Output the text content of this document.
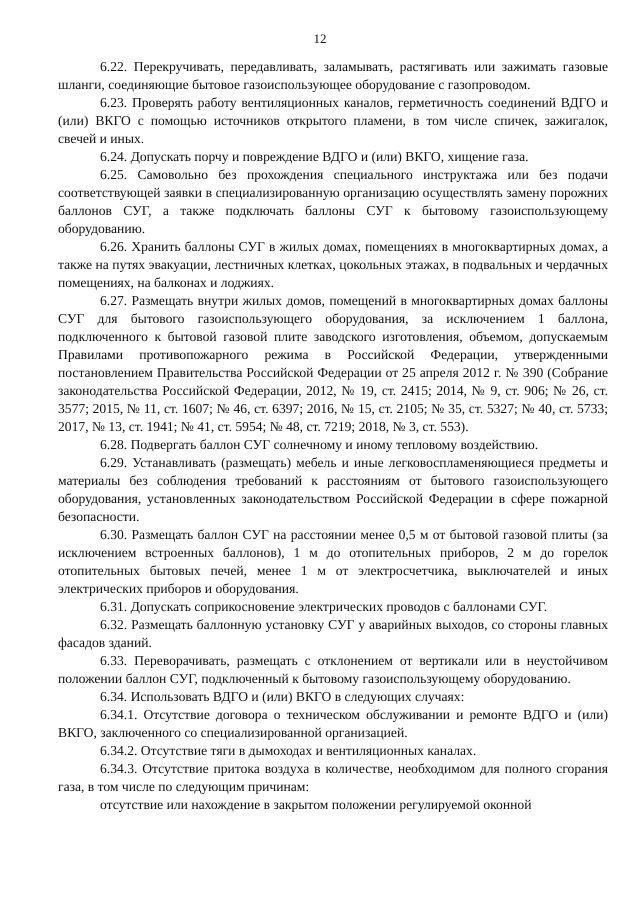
12

6.22. Перекручивать, передавливать, заламывать, растягивать или зажимать газовые шланги, соединяющие бытовое газоиспользующее оборудование с газопроводом.

6.23. Проверять работу вентиляционных каналов, герметичность соединений ВДГО и (или) ВКГО с помощью источников открытого пламени, в том числе спичек, зажигалок, свечей и иных.

6.24. Допускать порчу и повреждение ВДГО и (или) ВКГО, хищение газа.

6.25. Самовольно без прохождения специального инструктажа или без подачи соответствующей заявки в специализированную организацию осуществлять замену порожних баллонов СУГ, а также подключать баллоны СУГ к бытовому газоиспользующему оборудованию.

6.26. Хранить баллоны СУГ в жилых домах, помещениях в многоквартирных домах, а также на путях эвакуации, лестничных клетках, цокольных этажах, в подвальных и чердачных помещениях, на балконах и лоджиях.

6.27. Размещать внутри жилых домов, помещений в многоквартирных домах баллоны СУГ для бытового газоиспользующего оборудования, за исключением 1 баллона, подключенного к бытовой газовой плите заводского изготовления, объемом, допускаемым Правилами противопожарного режима в Российской Федерации, утвержденными постановлением Правительства Российской Федерации от 25 апреля 2012 г. № 390 (Собрание законодательства Российской Федерации, 2012, № 19, ст. 2415; 2014, № 9, ст. 906; № 26, ст. 3577; 2015, № 11, ст. 1607; № 46, ст. 6397; 2016, № 15, ст. 2105; № 35, ст. 5327; № 40, ст. 5733; 2017, № 13, ст. 1941; № 41, ст. 5954; № 48, ст. 7219; 2018, № 3, ст. 553).

6.28. Подвергать баллон СУГ солнечному и иному тепловому воздействию.

6.29. Устанавливать (размещать) мебель и иные легковоспламеняющиеся предметы и материалы без соблюдения требований к расстояниям от бытового газоиспользующего оборудования, установленных законодательством Российской Федерации в сфере пожарной безопасности.

6.30. Размещать баллон СУГ на расстоянии менее 0,5 м от бытовой газовой плиты (за исключением встроенных баллонов), 1 м до отопительных приборов, 2 м до горелок отопительных бытовых печей, менее 1 м от электросчетчика, выключателей и иных электрических приборов и оборудования.

6.31. Допускать соприкосновение электрических проводов с баллонами СУГ.

6.32. Размещать баллонную установку СУГ у аварийных выходов, со стороны главных фасадов зданий.

6.33. Переворачивать, размещать с отклонением от вертикали или в неустойчивом положении баллон СУГ, подключенный к бытовому газоиспользующему оборудованию.

6.34. Использовать ВДГО и (или) ВКГО в следующих случаях:

6.34.1. Отсутствие договора о техническом обслуживании и ремонте ВДГО и (или) ВКГО, заключенного со специализированной организацией.

6.34.2. Отсутствие тяги в дымоходах и вентиляционных каналах.

6.34.3. Отсутствие притока воздуха в количестве, необходимом для полного сгорания газа, в том числе по следующим причинам:

отсутствие или нахождение в закрытом положении регулируемой оконной
